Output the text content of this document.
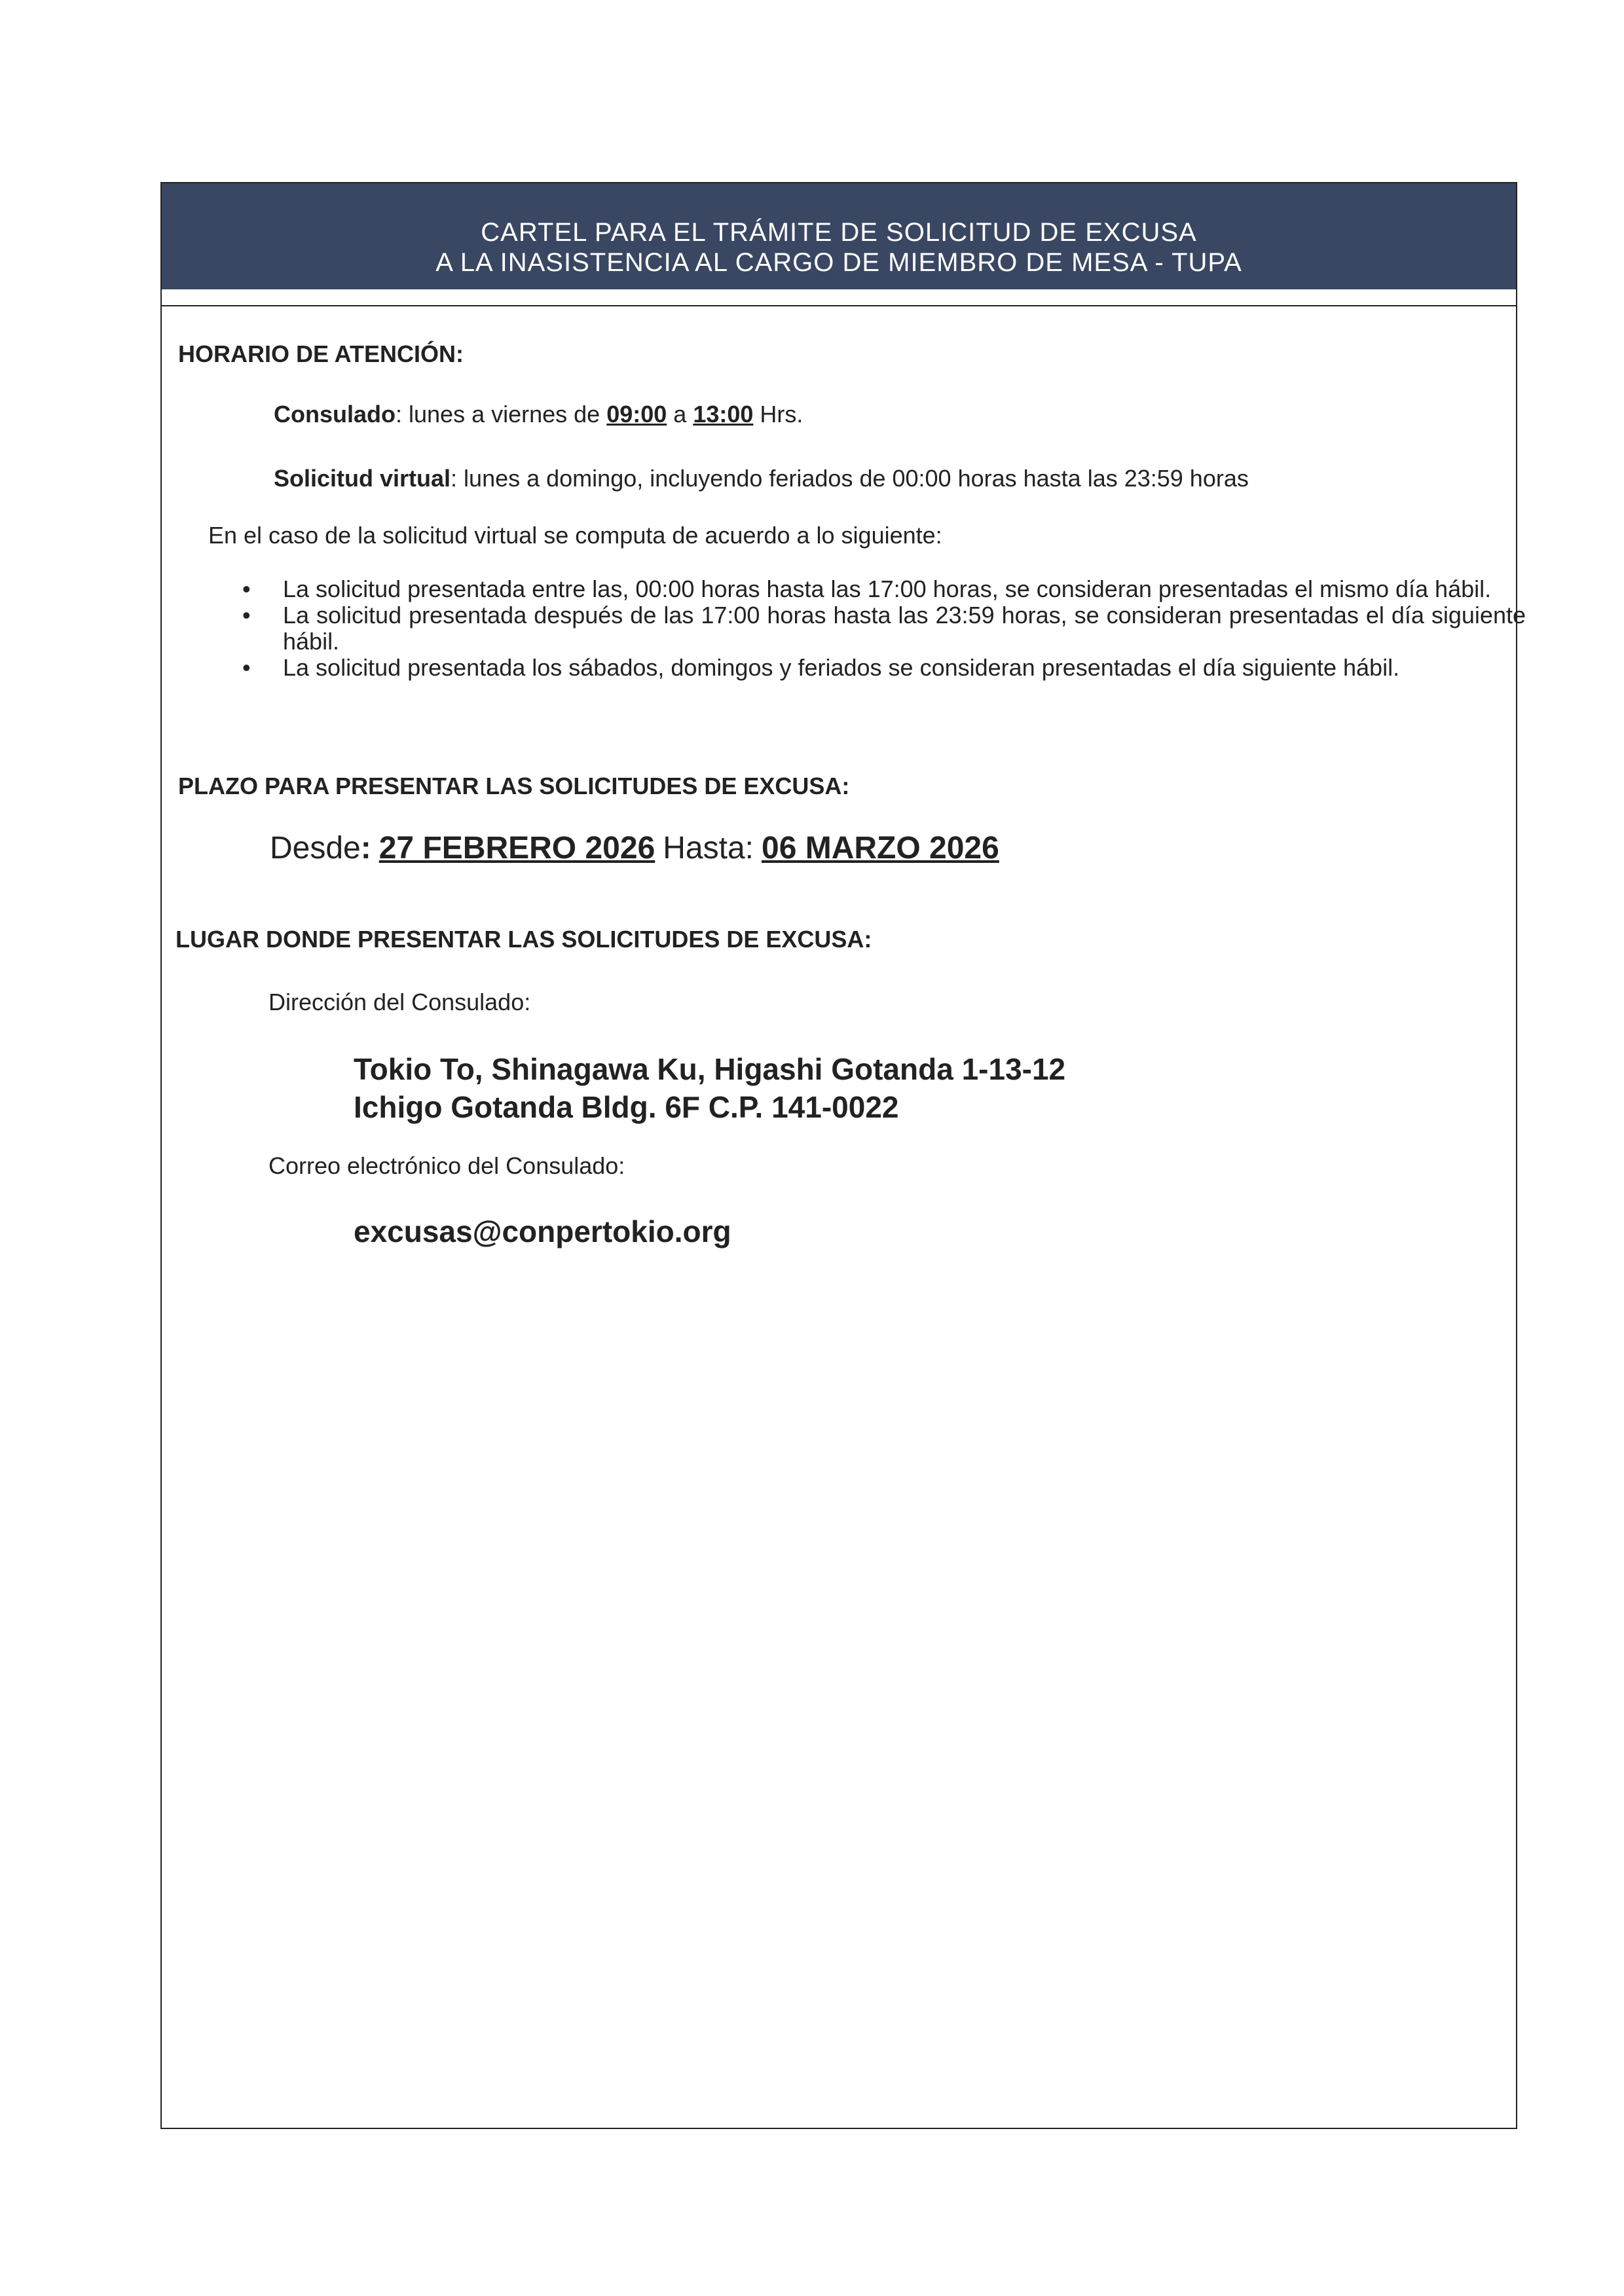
CARTEL PARA EL TRÁMITE DE SOLICITUD DE EXCUSA
A LA INASISTENCIA AL CARGO DE MIEMBRO DE MESA - TUPA
HORARIO DE ATENCIÓN:
Consulado: lunes a viernes de 09:00 a 13:00 Hrs.
Solicitud virtual: lunes a domingo, incluyendo feriados de 00:00 horas hasta las 23:59 horas
En el caso de la solicitud virtual se computa de acuerdo a lo siguiente:
• La solicitud presentada entre las, 00:00 horas hasta las 17:00 horas, se consideran presentadas el mismo día hábil.
• La solicitud presentada después de las 17:00 horas hasta las 23:59 horas, se consideran presentadas el día siguiente hábil.
• La solicitud presentada los sábados, domingos y feriados se consideran presentadas el día siguiente hábil.
PLAZO PARA PRESENTAR LAS SOLICITUDES DE EXCUSA:
Desde: 27 FEBRERO 2026 Hasta: 06 MARZO 2026
LUGAR DONDE PRESENTAR LAS SOLICITUDES DE EXCUSA:
Dirección del Consulado:
Tokio To, Shinagawa Ku, Higashi Gotanda 1-13-12
Ichigo Gotanda Bldg. 6F C.P. 141-0022
Correo electrónico del Consulado:
excusas@conpertokio.org
